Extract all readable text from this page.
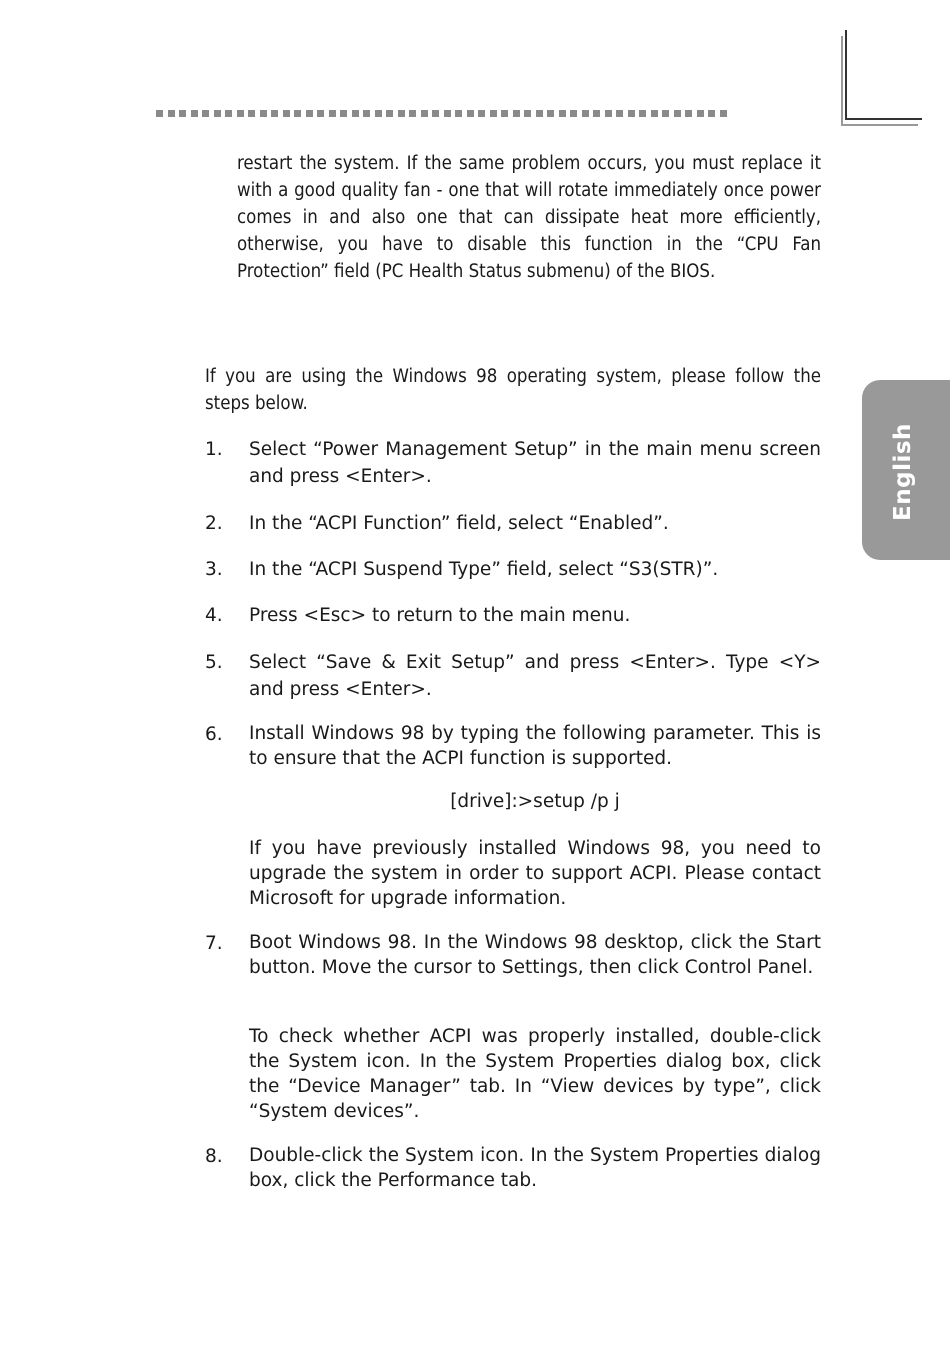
English
restart the system. If the same problem occurs, you must replace it with a good quality fan - one that will rotate immediately once power comes in and also one that can dissipate heat more efficiently, otherwise, you have to disable this function in the “CPU Fan Protection” field (PC Health Status submenu) of the BIOS.
If you are using the Windows 98 operating system, please follow the steps below.
1. Select “Power Management Setup” in the main menu screen and press <Enter>.
2. In the “ACPI Function” field, select “Enabled”.
3. In the “ACPI Suspend Type” field, select “S3(STR)”.
4. Press <Esc> to return to the main menu.
5. Select “Save & Exit Setup” and press <Enter>. Type <Y> and press <Enter>.
6. Install Windows 98 by typing the following parameter. This is to ensure that the ACPI function is supported.
[drive]:>setup /p j
If you have previously installed Windows 98, you need to upgrade the system in order to support ACPI. Please contact Microsoft for upgrade information.
7. Boot Windows 98. In the Windows 98 desktop, click the Start button. Move the cursor to Settings, then click Control Panel.
To check whether ACPI was properly installed, double-click the System icon. In the System Properties dialog box, click the “Device Manager” tab. In “View devices by type”, click “System devices”.
8. Double-click the System icon. In the System Properties dialog box, click the Performance tab.
